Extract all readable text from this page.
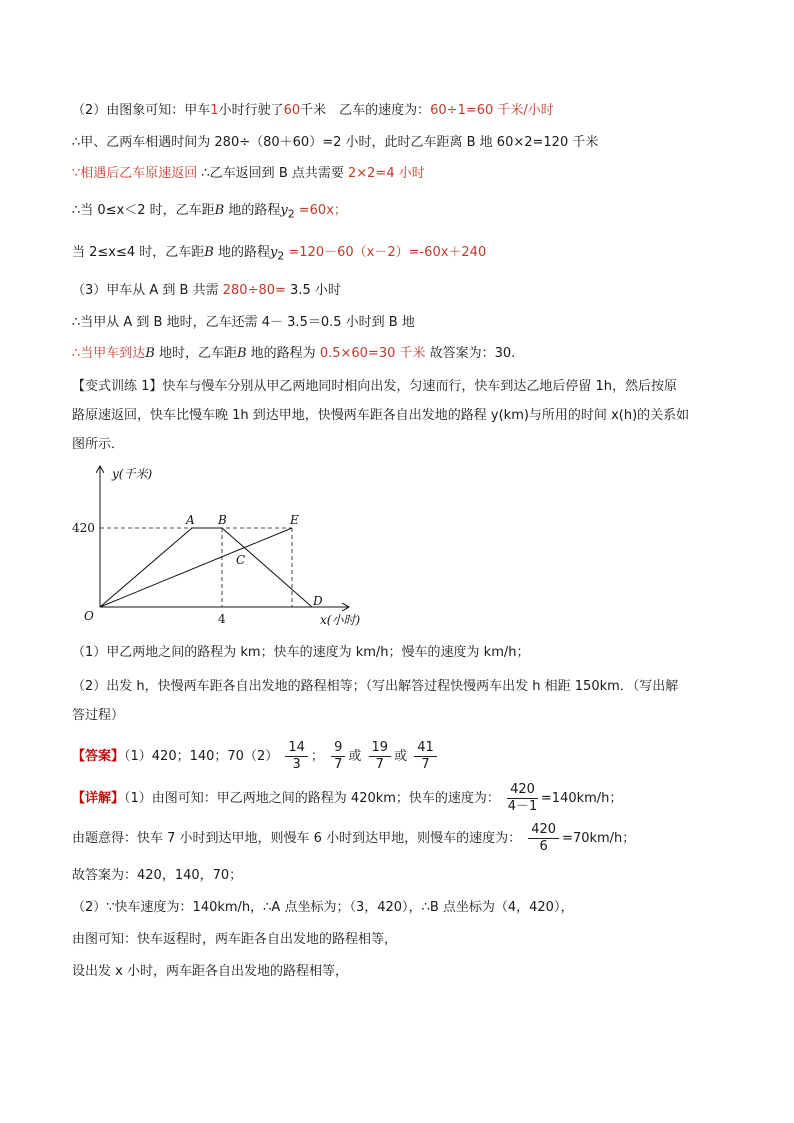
（2）由图象可知：甲车1小时行驶了60千米　乙车的速度为：60÷1=60 千米/小时
∴甲、乙两车相遇时间为 280÷（80＋60）=2 小时，此时乙车距离 B 地 60×2=120 千米
∵相遇后乙车原速返回 ∴乙车返回到 B 点共需要 2×2=4 小时
∴当 0≤x＜2 时，乙车距B 地的路程$y_2 =60x$；
当 2≤x≤4 时，乙车距B 地的路程$y_2 =120-60(x-2)=-60x+240$
（3）甲车从 A 到 B 共需 280÷80= 3.5 小时
∴当甲从 A 到 B 地时，乙车还需 4－ 3.5＝0.5 小时到 B 地
∴当甲车到达B 地时，乙车距B 地的路程为 0.5×60=30 千米 故答案为：30.
【变式训练 1】快车与慢车分别从甲乙两地同时相向出发，匀速而行，快车到达乙地后停留 1h，然后按原
路原速返回，快车比慢车晚 1h 到达甲地，快慢两车距各自出发地的路程 y(km)与所用的时间 x(h)的关系如
图所示．
y(千米)
x(小时)
420
4
O
A B
C
D
E
（1）甲乙两地之间的路程为 km；快车的速度为 km/h；慢车的速度为 km/h；
（2）出发 h，快慢两车距各自出发地的路程相等；（写出解答过程快慢两车出发 h 相距 150km．（写出解
答过程）
【答案】（1）420；140；$70(2) \frac{14}{3}$ ； $\frac{9}{7}$ 或 $\frac{19}{7}$ 或 $\frac{41}{7}$
【详解】（1）由图可知：甲乙两地之间的路程为 420km；快车的速度为： $\frac{420}{4-1} =140km/h$；
由题意得：快车 7 小时到达甲地，则慢车 6 小时到达甲地，则慢车的速度为： $\frac{420}{6} =70km/h$；
故答案为：420，140，70；
（2）∵快车速度为：140km/h，∴A 点坐标为；（3，420），∴B 点坐标为（4，420），
由图可知：快车返程时，两车距各自出发地的路程相等，
设出发 x 小时，两车距各自出发地的路程相等，
